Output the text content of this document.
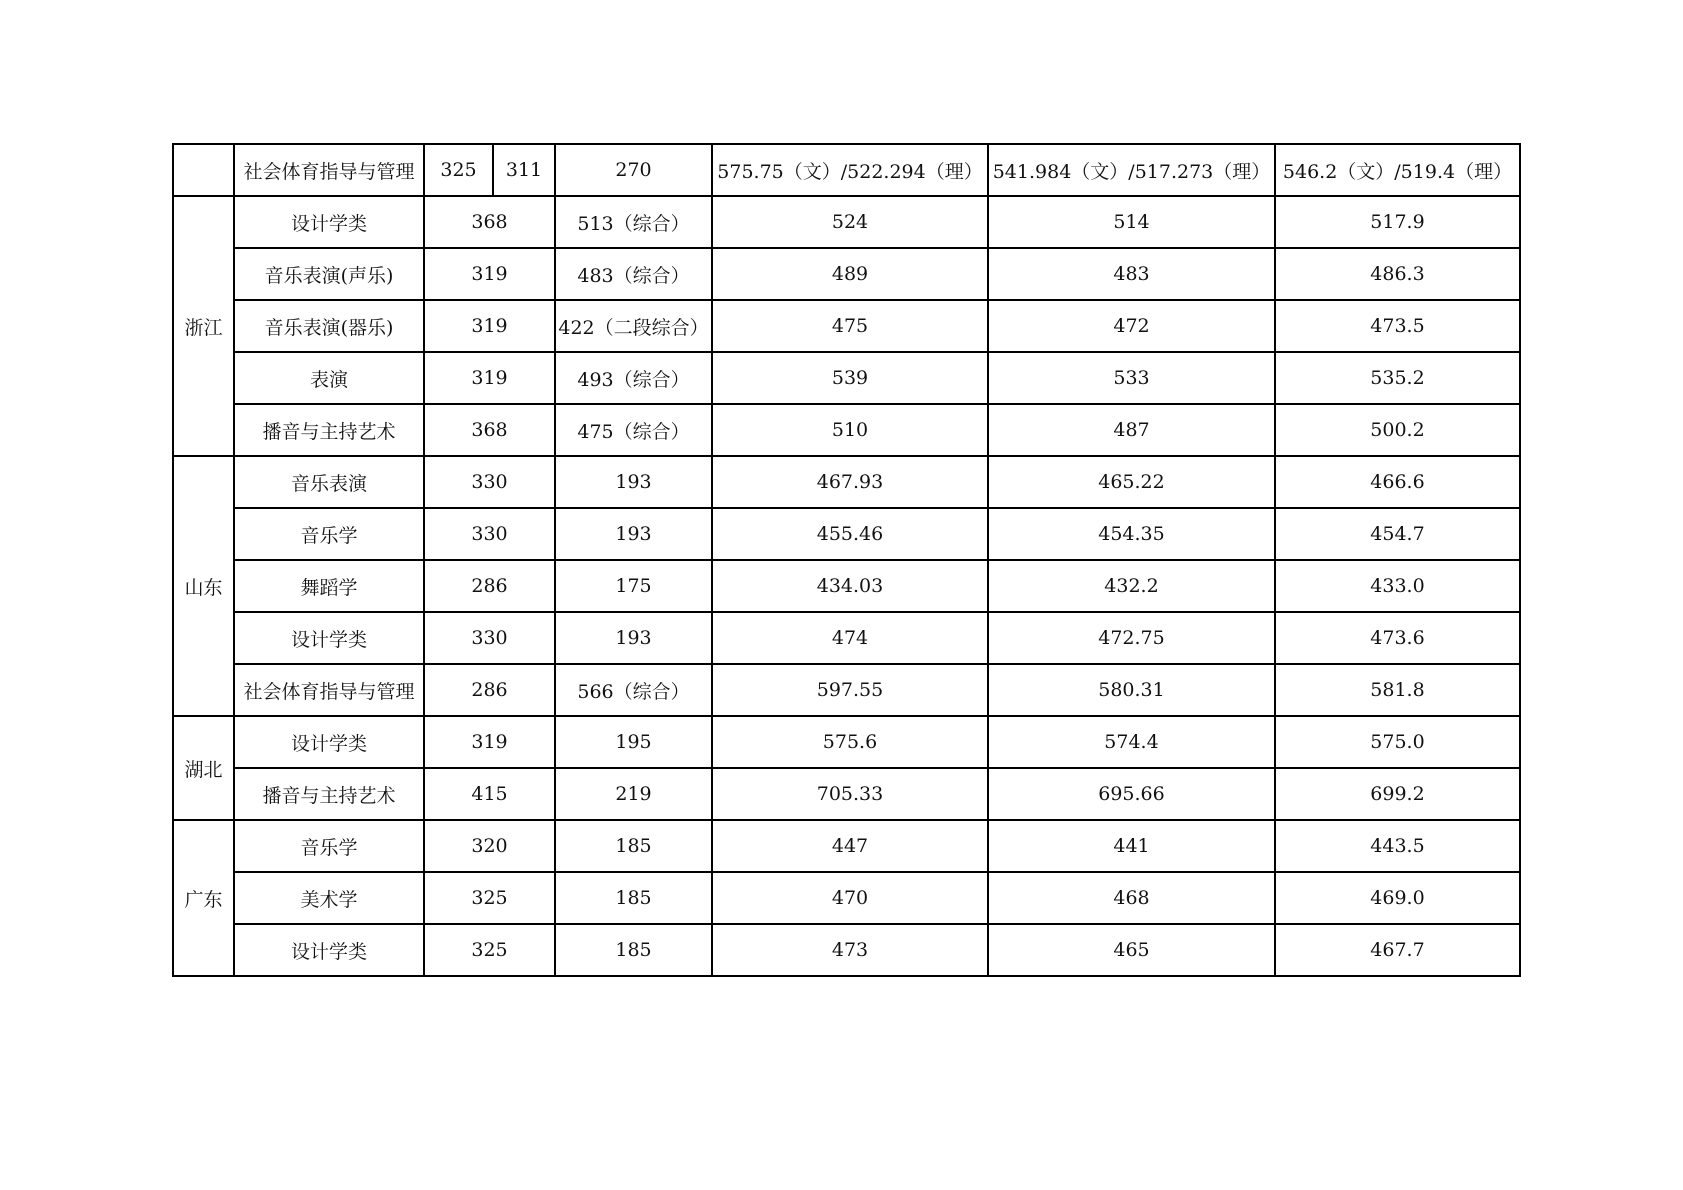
	社会体育指导与管理	325	311	270	575.75（文）/522.294（理）	541.984（文）/517.273（理）	546.2（文）/519.4（理）
浙江	设计学类	368		513（综合）	524	514	517.9
	音乐表演(声乐)	319		483（综合）	489	483	486.3
	音乐表演(器乐)	319		422（二段综合）	475	472	473.5
	表演	319		493（综合）	539	533	535.2
	播音与主持艺术	368		475（综合）	510	487	500.2
山东	音乐表演	330		193	467.93	465.22	466.6
	音乐学	330		193	455.46	454.35	454.7
	舞蹈学	286		175	434.03	432.2	433.0
	设计学类	330		193	474	472.75	473.6
	社会体育指导与管理	286		566（综合）	597.55	580.31	581.8
湖北	设计学类	319		195	575.6	574.4	575.0
	播音与主持艺术	415		219	705.33	695.66	699.2
广东	音乐学	320		185	447	441	443.5
	美术学	325		185	470	468	469.0
	设计学类	325		185	473	465	467.7
